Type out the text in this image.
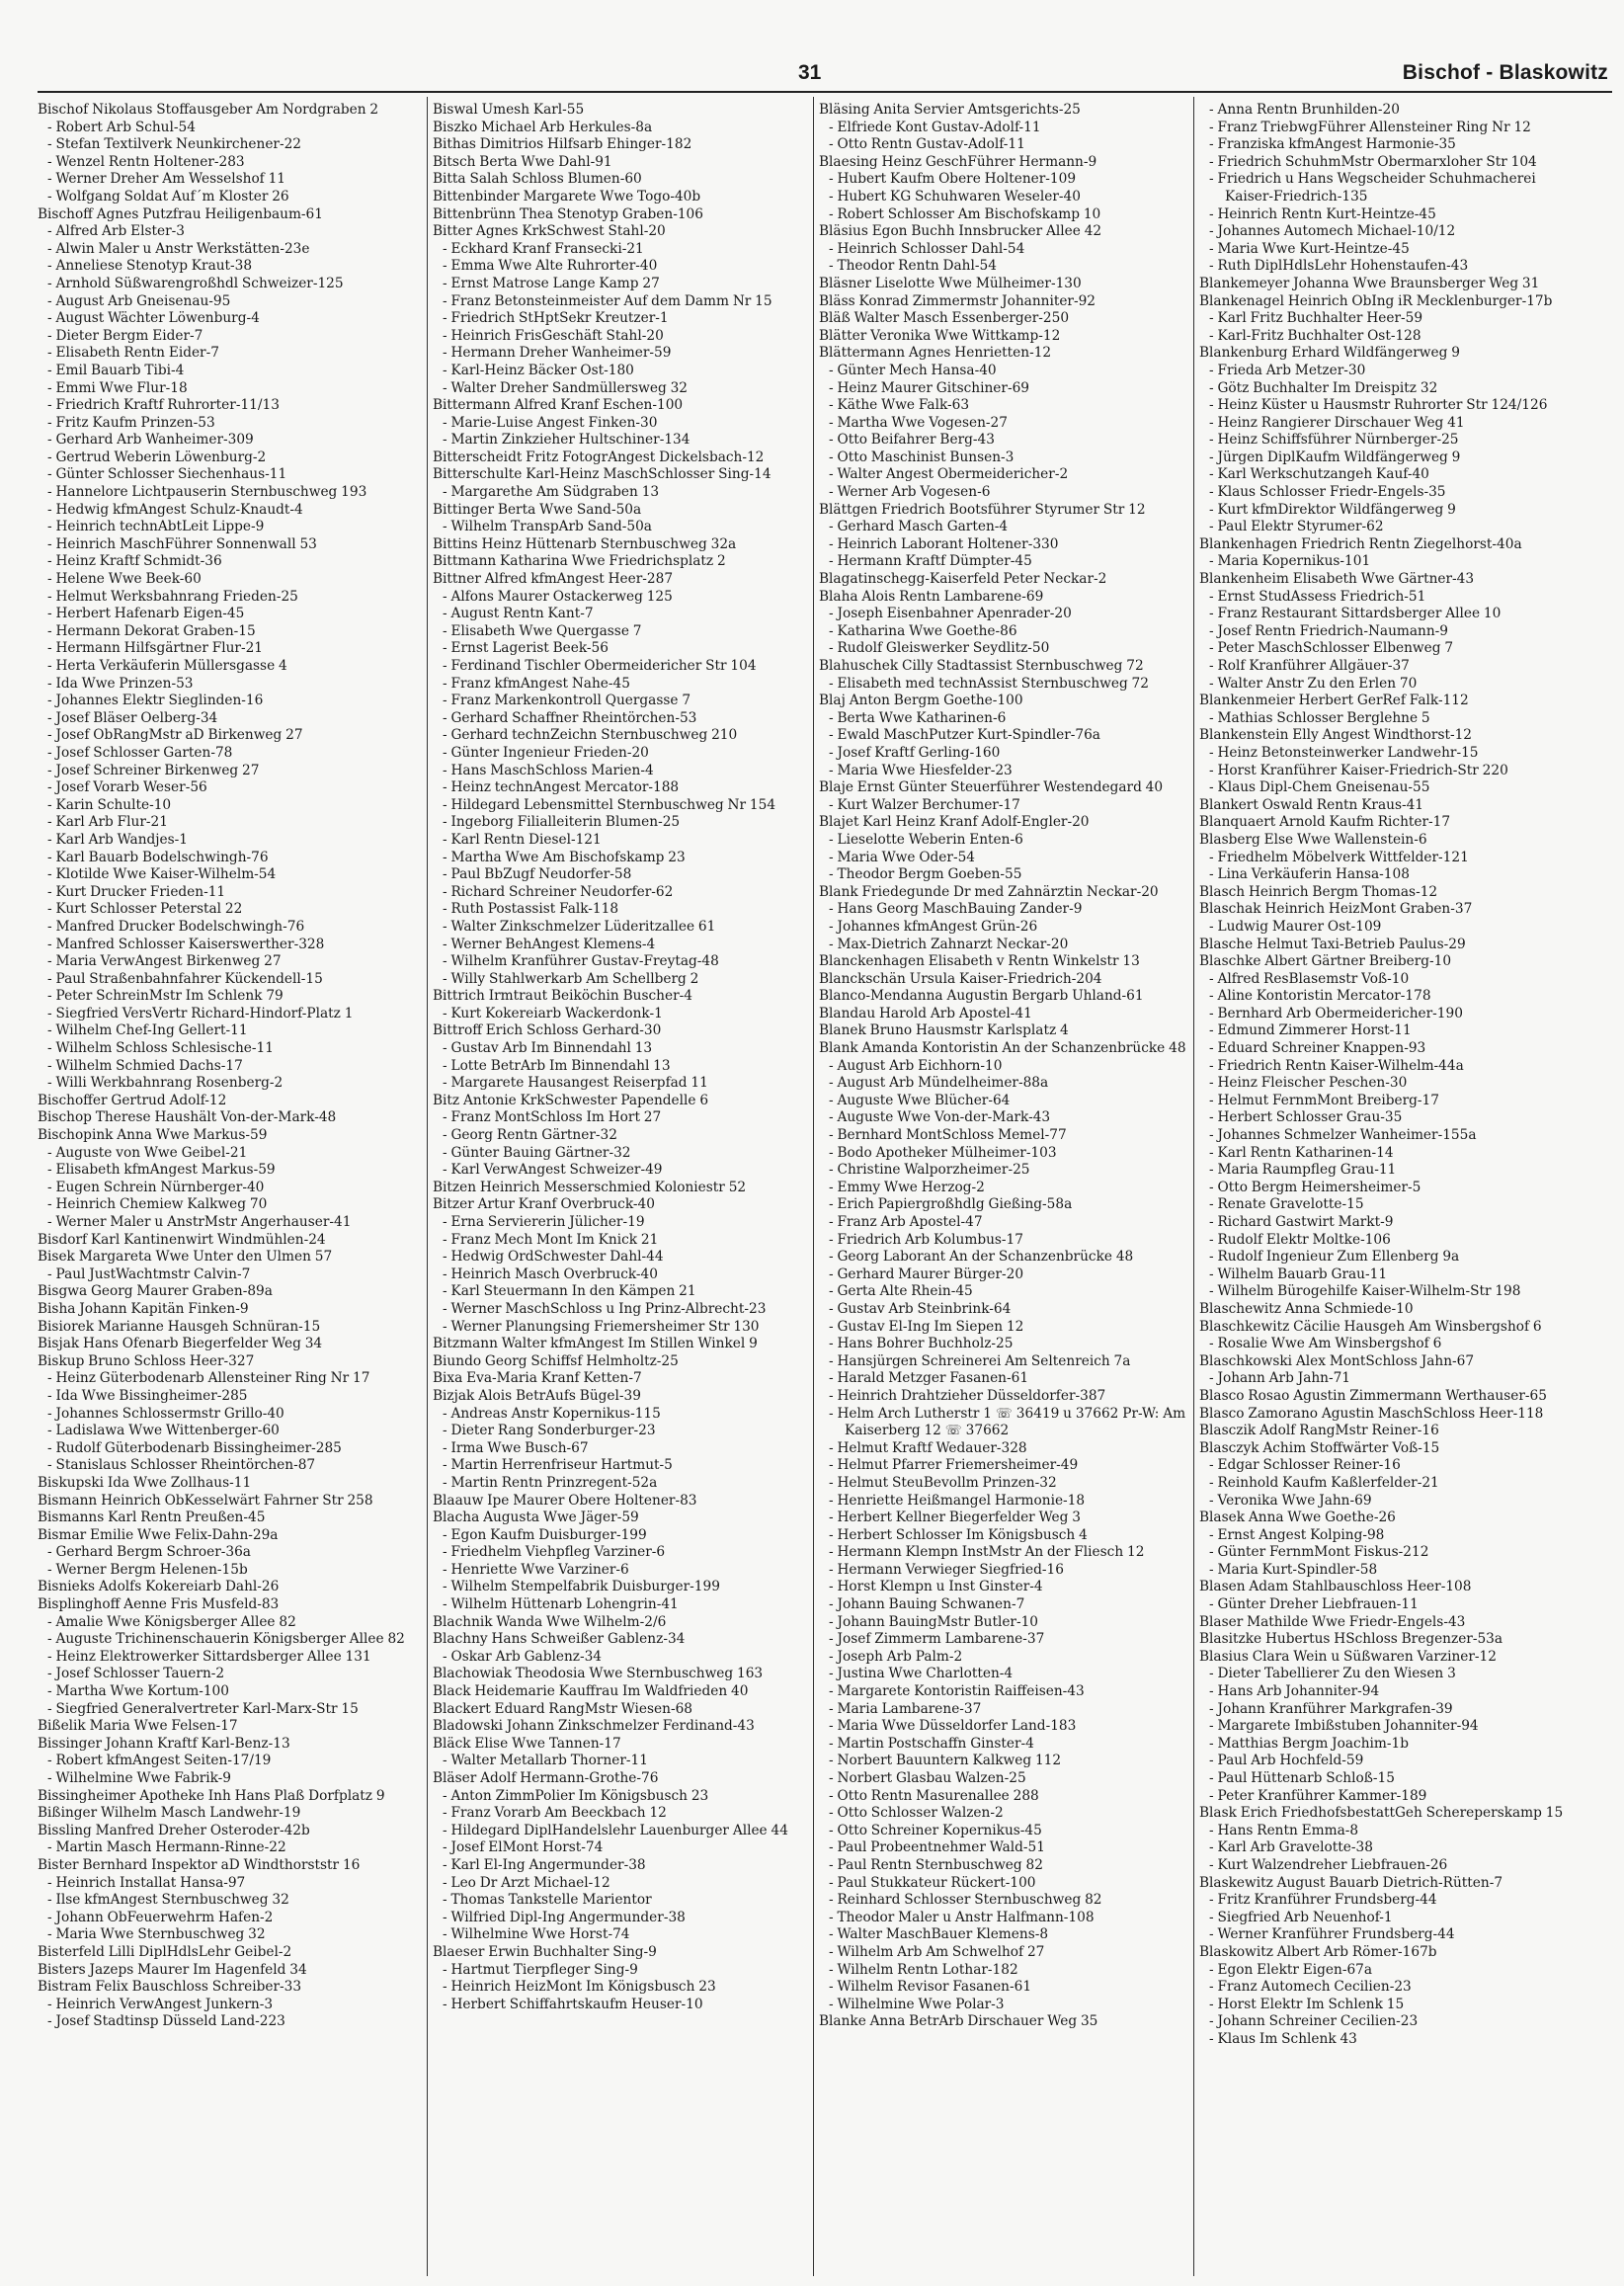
31	Bischof - Blaskowitz
Bischof Nikolaus Stoffausgeber Am Nordgraben 2
- Robert Arb Schul-54
- Stefan Textilverk Neunkirchener-22
- Wenzel Rentn Holtener-283
- Werner Dreher Am Wesselshof 11
- Wolfgang Soldat Auf´m Kloster 26
Bischoff Agnes Putzfrau Heiligenbaum-61
- Alfred Arb Elster-3
- Alwin Maler u Anstr Werkstätten-23e
- Anneliese Stenotyp Kraut-38
- Arnhold Süßwarengroßhdl Schweizer-125
- August Arb Gneisenau-95
- August Wächter Löwenburg-4
- Dieter Bergm Eider-7
- Elisabeth Rentn Eider-7
- Emil Bauarb Tibi-4
- Emmi Wwe Flur-18
- Friedrich Kraftf Ruhrorter-11/13
- Fritz Kaufm Prinzen-53
- Gerhard Arb Wanheimer-309
- Gertrud Weberin Löwenburg-2
- Günter Schlosser Siechenhaus-11
- Hannelore Lichtpauserin Sternbuschweg 193
- Hedwig kfmAngest Schulz-Knaudt-4
- Heinrich technAbtLeit Lippe-9
- Heinrich MaschFührer Sonnenwall 53
- Heinz Kraftf Schmidt-36
- Helene Wwe Beek-60
- Helmut Werksbahnrang Frieden-25
- Herbert Hafenarb Eigen-45
- Hermann Dekorat Graben-15
- Hermann Hilfsgärtner Flur-21
- Herta Verkäuferin Müllersgasse 4
- Ida Wwe Prinzen-53
- Johannes Elektr Sieglinden-16
- Josef Bläser Oelberg-34
- Josef ObRangMstr aD Birkenweg 27
- Josef Schlosser Garten-78
- Josef Schreiner Birkenweg 27
- Josef Vorarb Weser-56
- Karin Schulte-10
- Karl Arb Flur-21
- Karl Arb Wandjes-1
- Karl Bauarb Bodelschwingh-76
- Klotilde Wwe Kaiser-Wilhelm-54
- Kurt Drucker Frieden-11
- Kurt Schlosser Peterstal 22
- Manfred Drucker Bodelschwingh-76
- Manfred Schlosser Kaiserswerther-328
- Maria VerwAngest Birkenweg 27
- Paul Straßenbahnfahrer Kückendell-15
- Peter SchreinMstr Im Schlenk 79
- Siegfried VersVertr Richard-Hindorf-Platz 1
- Wilhelm Chef-Ing Gellert-11
- Wilhelm Schloss Schlesische-11
- Wilhelm Schmied Dachs-17
- Willi Werkbahnrang Rosenberg-2
Bischoffer Gertrud Adolf-12
Bischop Therese Haushält Von-der-Mark-48
Bischopink Anna Wwe Markus-59
- Auguste von Wwe Geibel-21
- Elisabeth kfmAngest Markus-59
- Eugen Schrein Nürnberger-40
- Heinrich Chemiew Kalkweg 70
- Werner Maler u AnstrMstr Angerhauser-41
Bisdorf Karl Kantinenwirt Windmühlen-24
Bisek Margareta Wwe Unter den Ulmen 57
- Paul JustWachtmstr Calvin-7
Bisgwa Georg Maurer Graben-89a
Bisha Johann Kapitän Finken-9
Bisiorek Marianne Hausgeh Schnüran-15
Bisjak Hans Ofenarb Biegerfelder Weg 34
Biskup Bruno Schloss Heer-327
- Heinz Güterbodenarb Allensteiner Ring Nr 17
- Ida Wwe Bissingheimer-285
- Johannes Schlossermstr Grillo-40
- Ladislawa Wwe Wittenberger-60
- Rudolf Güterbodenarb Bissingheimer-285
- Stanislaus Schlosser Rheintörchen-87
Biskupski Ida Wwe Zollhaus-11
Bismann Heinrich ObKesselwärt Fahrner Str 258
Bismanns Karl Rentn Preußen-45
Bismar Emilie Wwe Felix-Dahn-29a
- Gerhard Bergm Schroer-36a
- Werner Bergm Helenen-15b
Bisnieks Adolfs Kokereiarb Dahl-26
Bisplinghoff Aenne Fris Musfeld-83
- Amalie Wwe Königsberger Allee 82
- Auguste Trichinenschauerin Königsberger Allee 82
- Heinz Elektrowerker Sittardsberger Allee 131
- Josef Schlosser Tauern-2
- Martha Wwe Kortum-100
- Siegfried Generalvertreter Karl-Marx-Str 15
Bißelik Maria Wwe Felsen-17
Bissinger Johann Kraftf Karl-Benz-13
- Robert kfmAngest Seiten-17/19
- Wilhelmine Wwe Fabrik-9
Bissingheimer Apotheke Inh Hans Plaß Dorfplatz 9
Bißinger Wilhelm Masch Landwehr-19
Bissling Manfred Dreher Osteroder-42b
- Martin Masch Hermann-Rinne-22
Bister Bernhard Inspektor aD Windthorststr 16
- Heinrich Installat Hansa-97
- Ilse kfmAngest Sternbuschweg 32
- Johann ObFeuerwehrm Hafen-2
- Maria Wwe Sternbuschweg 32
Bisterfeld Lilli DiplHdlsLehr Geibel-2
Bisters Jazeps Maurer Im Hagenfeld 34
Bistram Felix Bauschloss Schreiber-33
- Heinrich VerwAngest Junkern-3
- Josef Stadtinsp Düsseld Land-223
Biswal Umesh Karl-55
Biszko Michael Arb Herkules-8a
Bithas Dimitrios Hilfsarb Ehinger-182
Bitsch Berta Wwe Dahl-91
Bitta Salah Schloss Blumen-60
Bittenbinder Margarete Wwe Togo-40b
Bittenbrünn Thea Stenotyp Graben-106
Bitter Agnes KrkSchwest Stahl-20
- Eckhard Kranf Fransecki-21
- Emma Wwe Alte Ruhrorter-40
- Ernst Matrose Lange Kamp 27
- Franz Betonsteinmeister Auf dem Damm Nr 15
- Friedrich StHptSekr Kreutzer-1
- Heinrich FrisGeschäft Stahl-20
- Hermann Dreher Wanheimer-59
- Karl-Heinz Bäcker Ost-180
- Walter Dreher Sandmüllersweg 32
Bittermann Alfred Kranf Eschen-100
- Marie-Luise Angest Finken-30
- Martin Zinkzieher Hultschiner-134
Bitterscheidt Fritz FotogrAngest Dickelsbach-12
Bitterschulte Karl-Heinz MaschSchlosser Sing-14
- Margarethe Am Südgraben 13
Bittinger Berta Wwe Sand-50a
- Wilhelm TranspArb Sand-50a
Bittins Heinz Hüttenarb Sternbuschweg 32a
Bittmann Katharina Wwe Friedrichsplatz 2
Bittner Alfred kfmAngest Heer-287
- Alfons Maurer Ostackerweg 125
- August Rentn Kant-7
- Elisabeth Wwe Quergasse 7
- Ernst Lagerist Beek-56
- Ferdinand Tischler Obermeidericher Str 104
- Franz kfmAngest Nahe-45
- Franz Markenkontroll Quergasse 7
- Gerhard Schaffner Rheintörchen-53
- Gerhard technZeichn Sternbuschweg 210
- Günter Ingenieur Frieden-20
- Hans MaschSchloss Marien-4
- Heinz technAngest Mercator-188
- Hildegard Lebensmittel Sternbuschweg Nr 154
- Ingeborg Filialleiterin Blumen-25
- Karl Rentn Diesel-121
- Martha Wwe Am Bischofskamp 23
- Paul BbZugf Neudorfer-58
- Richard Schreiner Neudorfer-62
- Ruth Postassist Falk-118
- Walter Zinkschmelzer Lüderitzallee 61
- Werner BehAngest Klemens-4
- Wilhelm Kranführer Gustav-Freytag-48
- Willy Stahlwerkarb Am Schellberg 2
Bittrich Irmtraut Beiköchin Buscher-4
- Kurt Kokereiarb Wackerdonk-1
Bittroff Erich Schloss Gerhard-30
- Gustav Arb Im Binnendahl 13
- Lotte BetrArb Im Binnendahl 13
- Margarete Hausangest Reiserpfad 11
Bitz Antonie KrkSchwester Papendelle 6
- Franz MontSchloss Im Hort 27
- Georg Rentn Gärtner-32
- Günter Bauing Gärtner-32
- Karl VerwAngest Schweizer-49
Bitzen Heinrich Messerschmied Koloniestr 52
Bitzer Artur Kranf Overbruck-40
- Erna Serviererin Jülicher-19
- Franz Mech Mont Im Knick 21
- Hedwig OrdSchwester Dahl-44
- Heinrich Masch Overbruck-40
- Karl Steuermann In den Kämpen 21
- Werner MaschSchloss u Ing Prinz-Albrecht-23
- Werner Planungsing Friemersheimer Str 130
Bitzmann Walter kfmAngest Im Stillen Winkel 9
Biundo Georg Schiffsf Helmholtz-25
Bixa Eva-Maria Kranf Ketten-7
Bizjak Alois BetrAufs Bügel-39
- Andreas Anstr Kopernikus-115
- Dieter Rang Sonderburger-23
- Irma Wwe Busch-67
- Martin Herrenfriseur Hartmut-5
- Martin Rentn Prinzregent-52a
Blaauw Ipe Maurer Obere Holtener-83
Blacha Augusta Wwe Jäger-59
- Egon Kaufm Duisburger-199
- Friedhelm Viehpfleg Varziner-6
- Henriette Wwe Varziner-6
- Wilhelm Stempelfabrik Duisburger-199
- Wilhelm Hüttenarb Lohengrin-41
Blachnik Wanda Wwe Wilhelm-2/6
Blachny Hans Schweißer Gablenz-34
- Oskar Arb Gablenz-34
Blachowiak Theodosia Wwe Sternbuschweg 163
Black Heidemarie Kauffrau Im Waldfrieden 40
Blackert Eduard RangMstr Wiesen-68
Bladowski Johann Zinkschmelzer Ferdinand-43
Bläck Elise Wwe Tannen-17
- Walter Metallarb Thorner-11
Bläser Adolf Hermann-Grothe-76
- Anton ZimmPolier Im Königsbusch 23
- Franz Vorarb Am Beeckbach 12
- Hildegard DiplHandelslehr Lauenburger Allee 44
- Josef ElMont Horst-74
- Karl El-Ing Angermunder-38
- Leo Dr Arzt Michael-12
- Thomas Tankstelle Marientor
- Wilfried Dipl-Ing Angermunder-38
- Wilhelmine Wwe Horst-74
Blaeser Erwin Buchhalter Sing-9
- Hartmut Tierpfleger Sing-9
- Heinrich HeizMont Im Königsbusch 23
- Herbert Schiffahrtskaufm Heuser-10
Bläsing Anita Servier Amtsgerichts-25
- Elfriede Kont Gustav-Adolf-11
- Otto Rentn Gustav-Adolf-11
Blaesing Heinz GeschFührer Hermann-9
- Hubert Kaufm Obere Holtener-109
- Hubert KG Schuhwaren Weseler-40
- Robert Schlosser Am Bischofskamp 10
Bläsius Egon Buchh Innsbrucker Allee 42
- Heinrich Schlosser Dahl-54
- Theodor Rentn Dahl-54
Bläsner Liselotte Wwe Mülheimer-130
Bläss Konrad Zimmermstr Johanniter-92
Bläß Walter Masch Essenberger-250
Blätter Veronika Wwe Wittkamp-12
Blättermann Agnes Henrietten-12
- Günter Mech Hansa-40
- Heinz Maurer Gitschiner-69
- Käthe Wwe Falk-63
- Martha Wwe Vogesen-27
- Otto Beifahrer Berg-43
- Otto Maschinist Bunsen-3
- Walter Angest Obermeidericher-2
- Werner Arb Vogesen-6
Blättgen Friedrich Bootsführer Styrumer Str 12
- Gerhard Masch Garten-4
- Heinrich Laborant Holtener-330
- Hermann Kraftf Dümpter-45
Blagatinschegg-Kaiserfeld Peter Neckar-2
Blaha Alois Rentn Lambarene-69
- Joseph Eisenbahner Apenrader-20
- Katharina Wwe Goethe-86
- Rudolf Gleiswerker Seydlitz-50
Blahuschek Cilly Stadtassist Sternbuschweg 72
- Elisabeth med technAssist Sternbuschweg 72
Blaj Anton Bergm Goethe-100
- Berta Wwe Katharinen-6
- Ewald MaschPutzer Kurt-Spindler-76a
- Josef Kraftf Gerling-160
- Maria Wwe Hiesfelder-23
Blaje Ernst Günter Steuerführer Westendegard 40
- Kurt Walzer Berchumer-17
Blajet Karl Heinz Kranf Adolf-Engler-20
- Lieselotte Weberin Enten-6
- Maria Wwe Oder-54
- Theodor Bergm Goeben-55
Blank Friedegunde Dr med Zahnärztin Neckar-20
- Hans Georg MaschBauing Zander-9
- Johannes kfmAngest Grün-26
- Max-Dietrich Zahnarzt Neckar-20
Blanckenhagen Elisabeth v Rentn Winkelstr 13
Blanckschän Ursula Kaiser-Friedrich-204
Blanco-Mendanna Augustin Bergarb Uhland-61
Blandau Harold Arb Apostel-41
Blanek Bruno Hausmstr Karlsplatz 4
Blank Amanda Kontoristin An der Schanzenbrücke 48
- August Arb Eichhorn-10
- August Arb Mündelheimer-88a
- Auguste Wwe Blücher-64
- Auguste Wwe Von-der-Mark-43
- Bernhard MontSchloss Memel-77
- Bodo Apotheker Mülheimer-103
- Christine Walporzheimer-25
- Emmy Wwe Herzog-2
- Erich Papiergroßhdlg Gießing-58a
- Franz Arb Apostel-47
- Friedrich Arb Kolumbus-17
- Georg Laborant An der Schanzenbrücke 48
- Gerhard Maurer Bürger-20
- Gerta Alte Rhein-45
- Gustav Arb Steinbrink-64
- Gustav El-Ing Im Siepen 12
- Hans Bohrer Buchholz-25
- Hansjürgen Schreinerei Am Seltenreich 7a
- Harald Metzger Fasanen-61
- Heinrich Drahtzieher Düsseldorfer-387
- Helm Arch Lutherstr 1 ☏ 36419 u 37662 Pr-W: Am Kaiserberg 12 ☏ 37662
- Helmut Kraftf Wedauer-328
- Helmut Pfarrer Friemersheimer-49
- Helmut SteuBevollm Prinzen-32
- Henriette Heißmangel Harmonie-18
- Herbert Kellner Biegerfelder Weg 3
- Herbert Schlosser Im Königsbusch 4
- Hermann Klempn InstMstr An der Fliesch 12
- Hermann Verwieger Siegfried-16
- Horst Klempn u Inst Ginster-4
- Johann Bauing Schwanen-7
- Johann BauingMstr Butler-10
- Josef Zimmerm Lambarene-37
- Joseph Arb Palm-2
- Justina Wwe Charlotten-4
- Margarete Kontoristin Raiffeisen-43
- Maria Lambarene-37
- Maria Wwe Düsseldorfer Land-183
- Martin Postschaffn Ginster-4
- Norbert Bauuntern Kalkweg 112
- Norbert Glasbau Walzen-25
- Otto Rentn Masurenallee 288
- Otto Schlosser Walzen-2
- Otto Schreiner Kopernikus-45
- Paul Probeentnehmer Wald-51
- Paul Rentn Sternbuschweg 82
- Paul Stukkateur Rückert-100
- Reinhard Schlosser Sternbuschweg 82
- Theodor Maler u Anstr Halfmann-108
- Walter MaschBauer Klemens-8
- Wilhelm Arb Am Schwelhof 27
- Wilhelm Rentn Lothar-182
- Wilhelm Revisor Fasanen-61
- Wilhelmine Wwe Polar-3
Blanke Anna BetrArb Dirschauer Weg 35
- Anna Rentn Brunhilden-20
- Franz TriebwgFührer Allensteiner Ring Nr 12
- Franziska kfmAngest Harmonie-35
- Friedrich SchuhmMstr Obermarxloher Str 104
- Friedrich u Hans Wegscheider Schuhmacherei Kaiser-Friedrich-135
- Heinrich Rentn Kurt-Heintze-45
- Johannes Automech Michael-10/12
- Maria Wwe Kurt-Heintze-45
- Ruth DiplHdlsLehr Hohenstaufen-43
Blankemeyer Johanna Wwe Braunsberger Weg 31
Blankenagel Heinrich ObIng iR Mecklenburger-17b
- Karl Fritz Buchhalter Heer-59
- Karl-Fritz Buchhalter Ost-128
Blankenburg Erhard Wildfängerweg 9
- Frieda Arb Metzer-30
- Götz Buchhalter Im Dreispitz 32
- Heinz Küster u Hausmstr Ruhrorter Str 124/126
- Heinz Rangierer Dirschauer Weg 41
- Heinz Schiffsführer Nürnberger-25
- Jürgen DiplKaufm Wildfängerweg 9
- Karl Werkschutzangeh Kauf-40
- Klaus Schlosser Friedr-Engels-35
- Kurt kfmDirektor Wildfängerweg 9
- Paul Elektr Styrumer-62
Blankenhagen Friedrich Rentn Ziegelhorst-40a
- Maria Kopernikus-101
Blankenheim Elisabeth Wwe Gärtner-43
- Ernst StudAssess Friedrich-51
- Franz Restaurant Sittardsberger Allee 10
- Josef Rentn Friedrich-Naumann-9
- Peter MaschSchlosser Elbenweg 7
- Rolf Kranführer Allgäuer-37
- Walter Anstr Zu den Erlen 70
Blankenmeier Herbert GerRef Falk-112
- Mathias Schlosser Berglehne 5
Blankenstein Elly Angest Windthorst-12
- Heinz Betonsteinwerker Landwehr-15
- Horst Kranführer Kaiser-Friedrich-Str 220
- Klaus Dipl-Chem Gneisenau-55
Blankert Oswald Rentn Kraus-41
Blanquaert Arnold Kaufm Richter-17
Blasberg Else Wwe Wallenstein-6
- Friedhelm Möbelverk Wittfelder-121
- Lina Verkäuferin Hansa-108
Blasch Heinrich Bergm Thomas-12
Blaschak Heinrich HeizMont Graben-37
- Ludwig Maurer Ost-109
Blasche Helmut Taxi-Betrieb Paulus-29
Blaschke Albert Gärtner Breiberg-10
- Alfred ResBlasemstr Voß-10
- Aline Kontoristin Mercator-178
- Bernhard Arb Obermeidericher-190
- Edmund Zimmerer Horst-11
- Eduard Schreiner Knappen-93
- Friedrich Rentn Kaiser-Wilhelm-44a
- Heinz Fleischer Peschen-30
- Helmut FernmMont Breiberg-17
- Herbert Schlosser Grau-35
- Johannes Schmelzer Wanheimer-155a
- Karl Rentn Katharinen-14
- Maria Raumpfleg Grau-11
- Otto Bergm Heimersheimer-5
- Renate Gravelotte-15
- Richard Gastwirt Markt-9
- Rudolf Elektr Moltke-106
- Rudolf Ingenieur Zum Ellenberg 9a
- Wilhelm Bauarb Grau-11
- Wilhelm Bürogehilfe Kaiser-Wilhelm-Str 198
Blaschewitz Anna Schmiede-10
Blaschkewitz Cäcilie Hausgeh Am Winsbergshof 6
- Rosalie Wwe Am Winsbergshof 6
Blaschkowski Alex MontSchloss Jahn-67
- Johann Arb Jahn-71
Blasco Rosao Agustin Zimmermann Werthauser-65
Blasco Zamorano Agustin MaschSchloss Heer-118
Blasczik Adolf RangMstr Reiner-16
Blasczyk Achim Stoffwärter Voß-15
- Edgar Schlosser Reiner-16
- Reinhold Kaufm Kaßlerfelder-21
- Veronika Wwe Jahn-69
Blasek Anna Wwe Goethe-26
- Ernst Angest Kolping-98
- Günter FernmMont Fiskus-212
- Maria Kurt-Spindler-58
Blasen Adam Stahlbauschloss Heer-108
- Günter Dreher Liebfrauen-11
Blaser Mathilde Wwe Friedr-Engels-43
Blasitzke Hubertus HSchloss Bregenzer-53a
Blasius Clara Wein u Süßwaren Varziner-12
- Dieter Tabellierer Zu den Wiesen 3
- Hans Arb Johanniter-94
- Johann Kranführer Markgrafen-39
- Margarete Imbißstuben Johanniter-94
- Matthias Bergm Joachim-1b
- Paul Arb Hochfeld-59
- Paul Hüttenarb Schloß-15
- Peter Kranführer Kammer-189
Blask Erich FriedhofsbestattGeh Schereperskamp 15
- Hans Rentn Emma-8
- Karl Arb Gravelotte-38
- Kurt Walzendreher Liebfrauen-26
Blaskewitz August Bauarb Dietrich-Rütten-7
- Fritz Kranführer Frundsberg-44
- Siegfried Arb Neuenhof-1
- Werner Kranführer Frundsberg-44
Blaskowitz Albert Arb Römer-167b
- Egon Elektr Eigen-67a
- Franz Automech Cecilien-23
- Horst Elektr Im Schlenk 15
- Johann Schreiner Cecilien-23
- Klaus Im Schlenk 43
